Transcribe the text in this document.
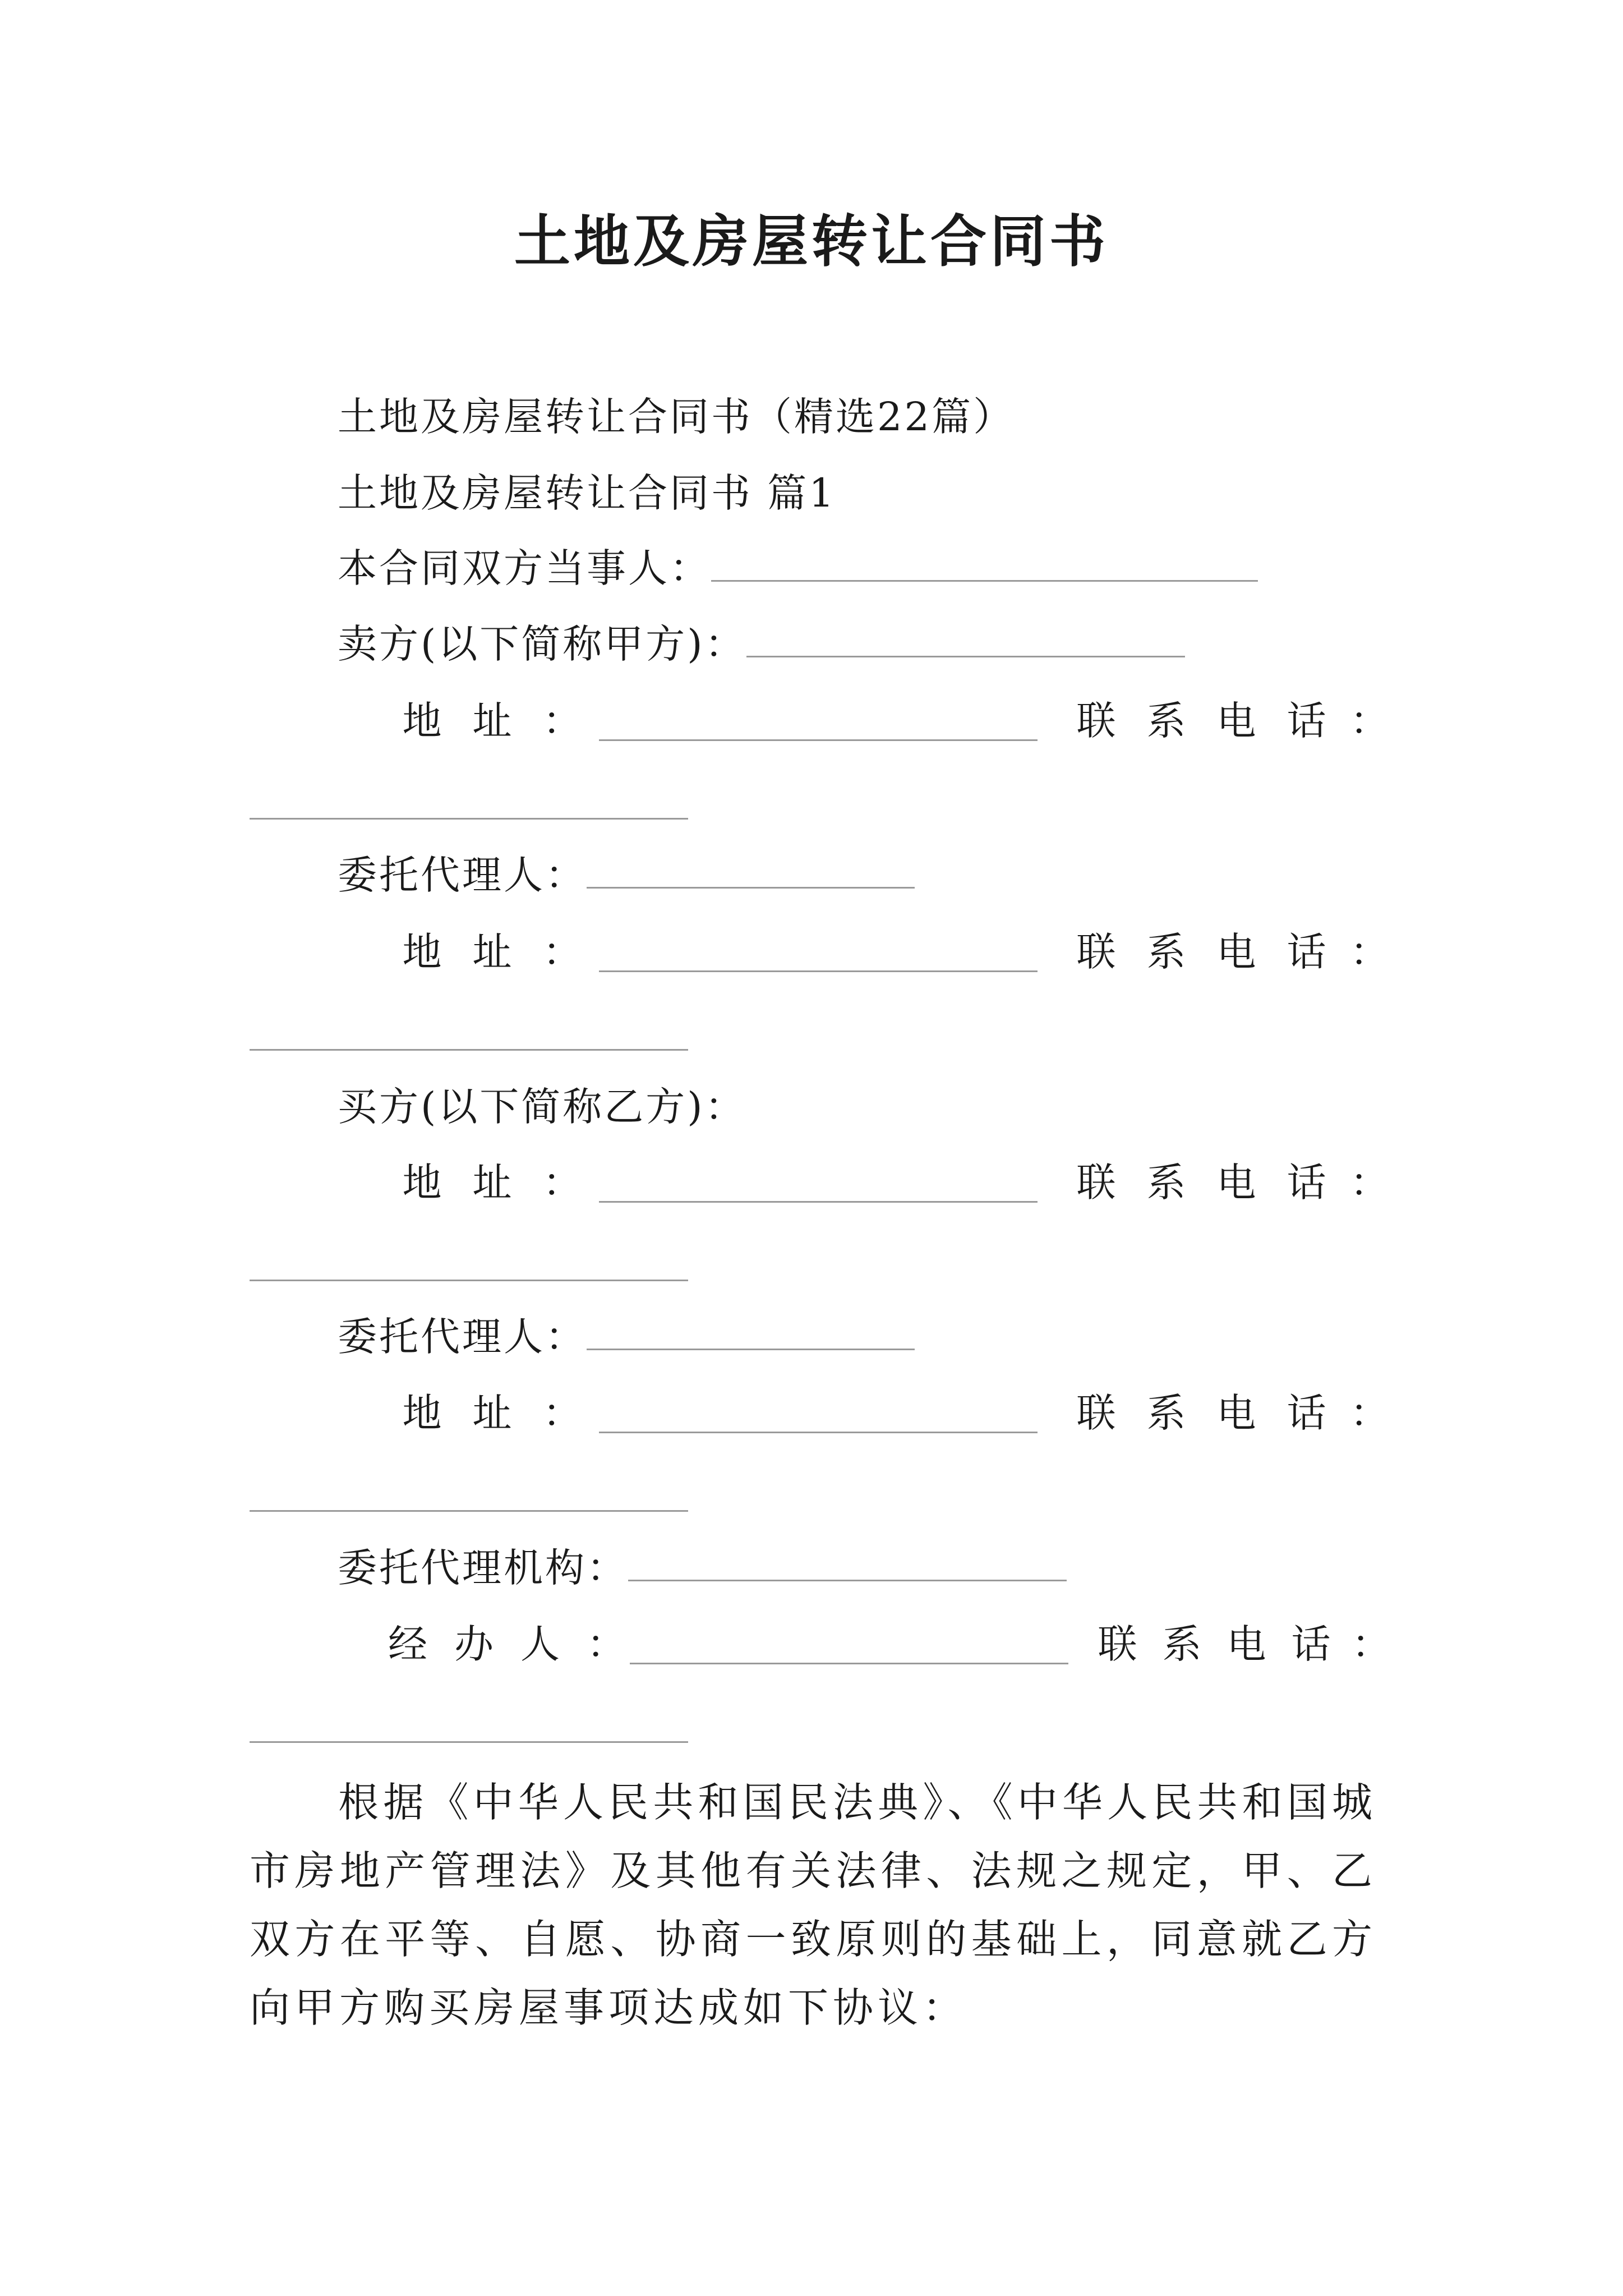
土地及房屋转让合同书
土地及房屋转让合同书（精选22篇）
土地及房屋转让合同书 篇1
本合同双方当事人：
卖方(以下简称甲方)：
地 址 ：	联 系 电 话 ：
委托代理人：
地 址 ：	联 系 电 话 ：
买方(以下简称乙方)：
地 址 ：	联 系 电 话 ：
委托代理人：
地 址 ：	联 系 电 话 ：
委托代理机构：
经 办 人 ：	联 系 电 话 ：
根据《中华人民共和国民法典》、《中华人民共和国城市房地产管理法》及其他有关法律、法规之规定，甲、乙双方在平等、自愿、协商一致原则的基础上，同意就乙方向甲方购买房屋事项达成如下协议：
